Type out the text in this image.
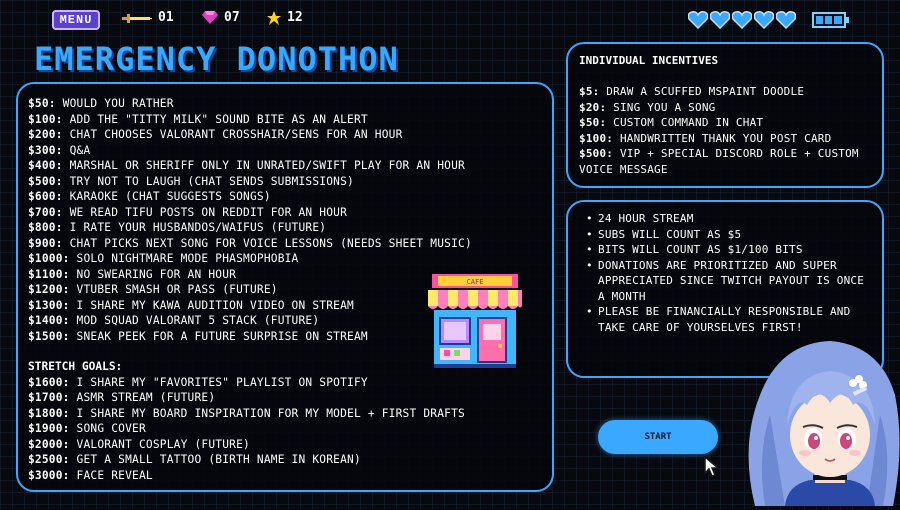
MENU	01	07	12
EMERGENCY DONOTHON
$50: WOULD YOU RATHER
$100: ADD THE "TITTY MILK" SOUND BITE AS AN ALERT
$200: CHAT CHOOSES VALORANT CROSSHAIR/SENS FOR AN HOUR
$300: Q&A
$400: MARSHAL OR SHERIFF ONLY IN UNRATED/SWIFT PLAY FOR AN HOUR
$500: TRY NOT TO LAUGH (CHAT SENDS SUBMISSIONS)
$600: KARAOKE (CHAT SUGGESTS SONGS)
$700: WE READ TIFU POSTS ON REDDIT FOR AN HOUR
$800: I RATE YOUR HUSBANDOS/WAIFUS (FUTURE)
$900: CHAT PICKS NEXT SONG FOR VOICE LESSONS (NEEDS SHEET MUSIC)
$1000: SOLO NIGHTMARE MODE PHASMOPHOBIA
$1100: NO SWEARING FOR AN HOUR
$1200: VTUBER SMASH OR PASS (FUTURE)
$1300: I SHARE MY KAWA AUDITION VIDEO ON STREAM
$1400: MOD SQUAD VALORANT 5 STACK (FUTURE)
$1500: SNEAK PEEK FOR A FUTURE SURPRISE ON STREAM
STRETCH GOALS:
$1600: I SHARE MY "FAVORITES" PLAYLIST ON SPOTIFY
$1700: ASMR STREAM (FUTURE)
$1800: I SHARE MY BOARD INSPIRATION FOR MY MODEL + FIRST DRAFTS
$1900: SONG COVER
$2000: VALORANT COSPLAY (FUTURE)
$2500: GET A SMALL TATTOO (BIRTH NAME IN KOREAN)
$3000: FACE REVEAL
CAFE
INDIVIDUAL INCENTIVES
$5: DRAW A SCUFFED MSPAINT DOODLE
$20: SING YOU A SONG
$50: CUSTOM COMMAND IN CHAT
$100: HANDWRITTEN THANK YOU POST CARD
$500: VIP + SPECIAL DISCORD ROLE + CUSTOM VOICE MESSAGE
• 24 HOUR STREAM
• SUBS WILL COUNT AS $5
• BITS WILL COUNT AS $1/100 BITS
• DONATIONS ARE PRIORITIZED AND SUPER APPRECIATED SINCE TWITCH PAYOUT IS ONCE A MONTH
• PLEASE BE FINANCIALLY RESPONSIBLE AND TAKE CARE OF YOURSELVES FIRST!
START
